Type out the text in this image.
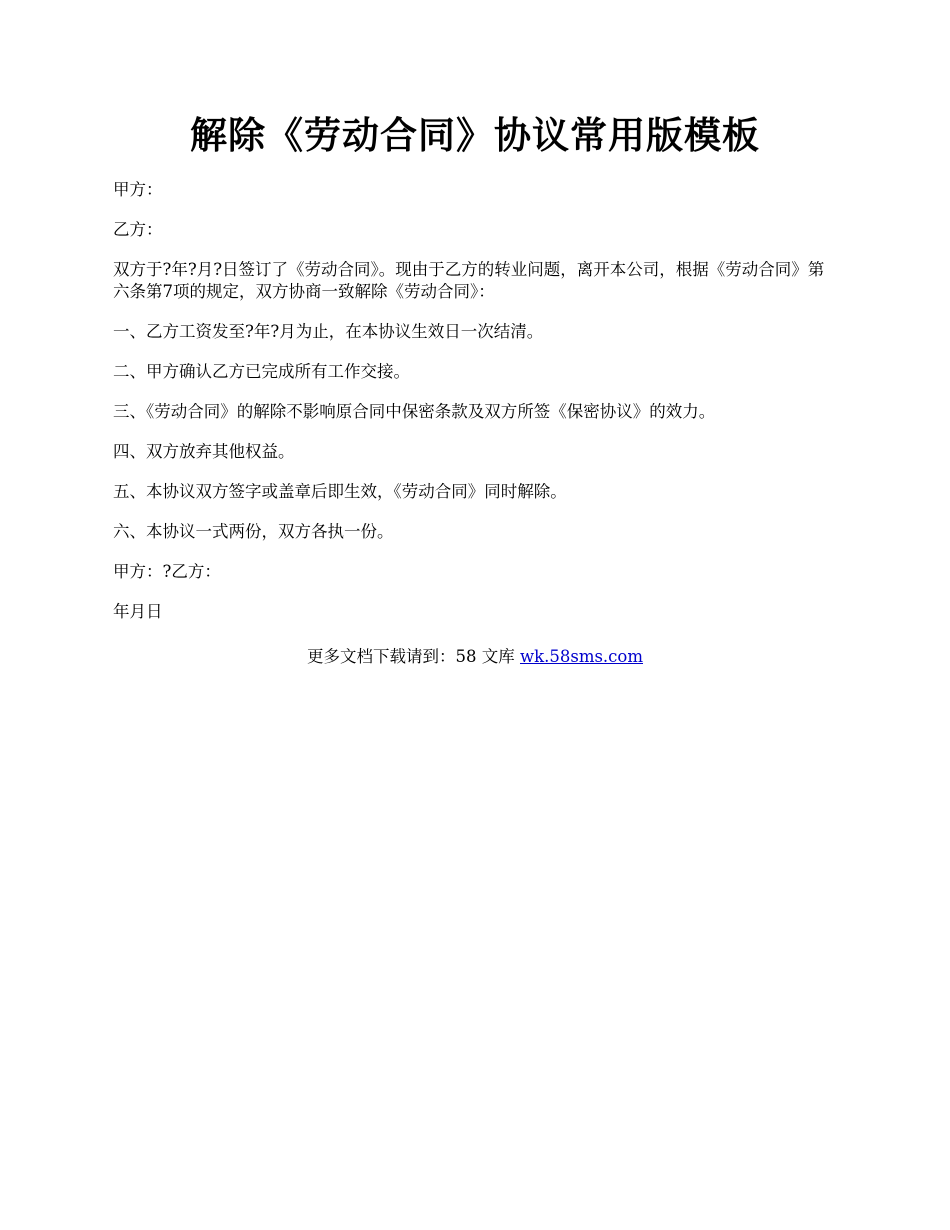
解除《劳动合同》协议常用版模板

甲方：

乙方：

双方于?年?月?日签订了《劳动合同》。现由于乙方的转业问题，离开本公司，根据《劳动合同》第六条第7项的规定，双方协商一致解除《劳动合同》：

一、乙方工资发至?年?月为止，在本协议生效日一次结清。

二、甲方确认乙方已完成所有工作交接。

三、《劳动合同》的解除不影响原合同中保密条款及双方所签《保密协议》的效力。

四、双方放弃其他权益。

五、本协议双方签字或盖章后即生效，《劳动合同》同时解除。

六、本协议一式两份，双方各执一份。

甲方：?乙方：

年月日

更多文档下载请到：58 文库 wk.58sms.com
